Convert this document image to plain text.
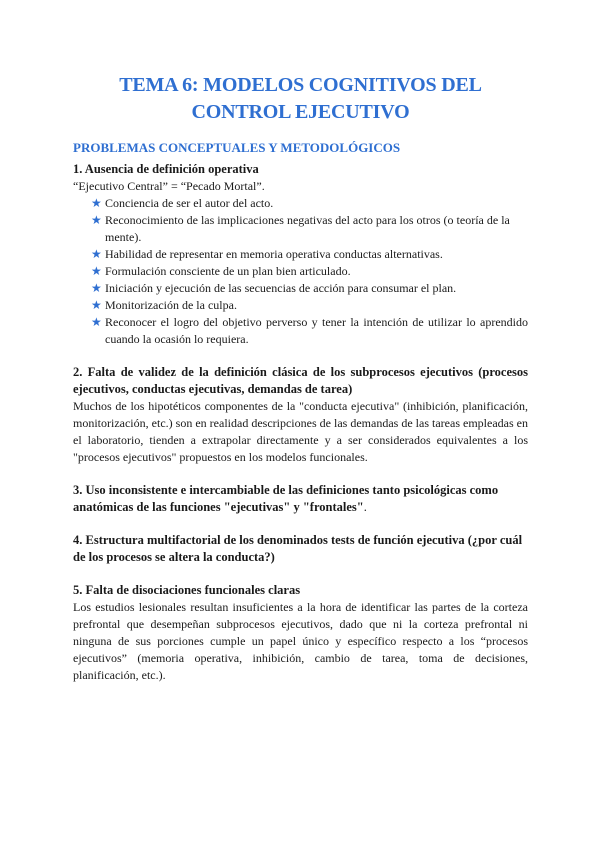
TEMA 6: MODELOS COGNITIVOS DEL CONTROL EJECUTIVO
PROBLEMAS CONCEPTUALES Y METODOLÓGICOS

1. Ausencia de definición operativa

“Ejecutivo Central” = “Pecado Mortal”.

★ Conciencia de ser el autor del acto.
★ Reconocimiento de las implicaciones negativas del acto para los otros (o teoría de la mente).
★ Habilidad de representar en memoria operativa conductas alternativas.
★ Formulación consciente de un plan bien articulado.
★ Iniciación y ejecución de las secuencias de acción para consumar el plan.
★ Monitorización de la culpa.
★ Reconocer el logro del objetivo perverso y tener la intención de utilizar lo aprendido cuando la ocasión lo requiera.

2. Falta de validez de la definición clásica de los subprocesos ejecutivos (procesos ejecutivos, conductas ejecutivas, demandas de tarea)

Muchos de los hipotéticos componentes de la "conducta ejecutiva" (inhibición, planificación, monitorización, etc.) son en realidad descripciones de las demandas de las tareas empleadas en el laboratorio, tienden a extrapolar directamente y a ser considerados equivalentes a los "procesos ejecutivos" propuestos en los modelos funcionales.

3. Uso inconsistente e intercambiable de las definiciones tanto psicológicas como anatómicas de las funciones "ejecutivas" y "frontales".

4. Estructura multifactorial de los denominados tests de función ejecutiva (¿por cuál de los procesos se altera la conducta?)

5. Falta de disociaciones funcionales claras

Los estudios lesionales resultan insuficientes a la hora de identificar las partes de la corteza prefrontal que desempeñan subprocesos ejecutivos, dado que ni la corteza prefrontal ni ninguna de sus porciones cumple un papel único y específico respecto a los “procesos ejecutivos” (memoria operativa, inhibición, cambio de tarea, toma de decisiones, planificación, etc.).
